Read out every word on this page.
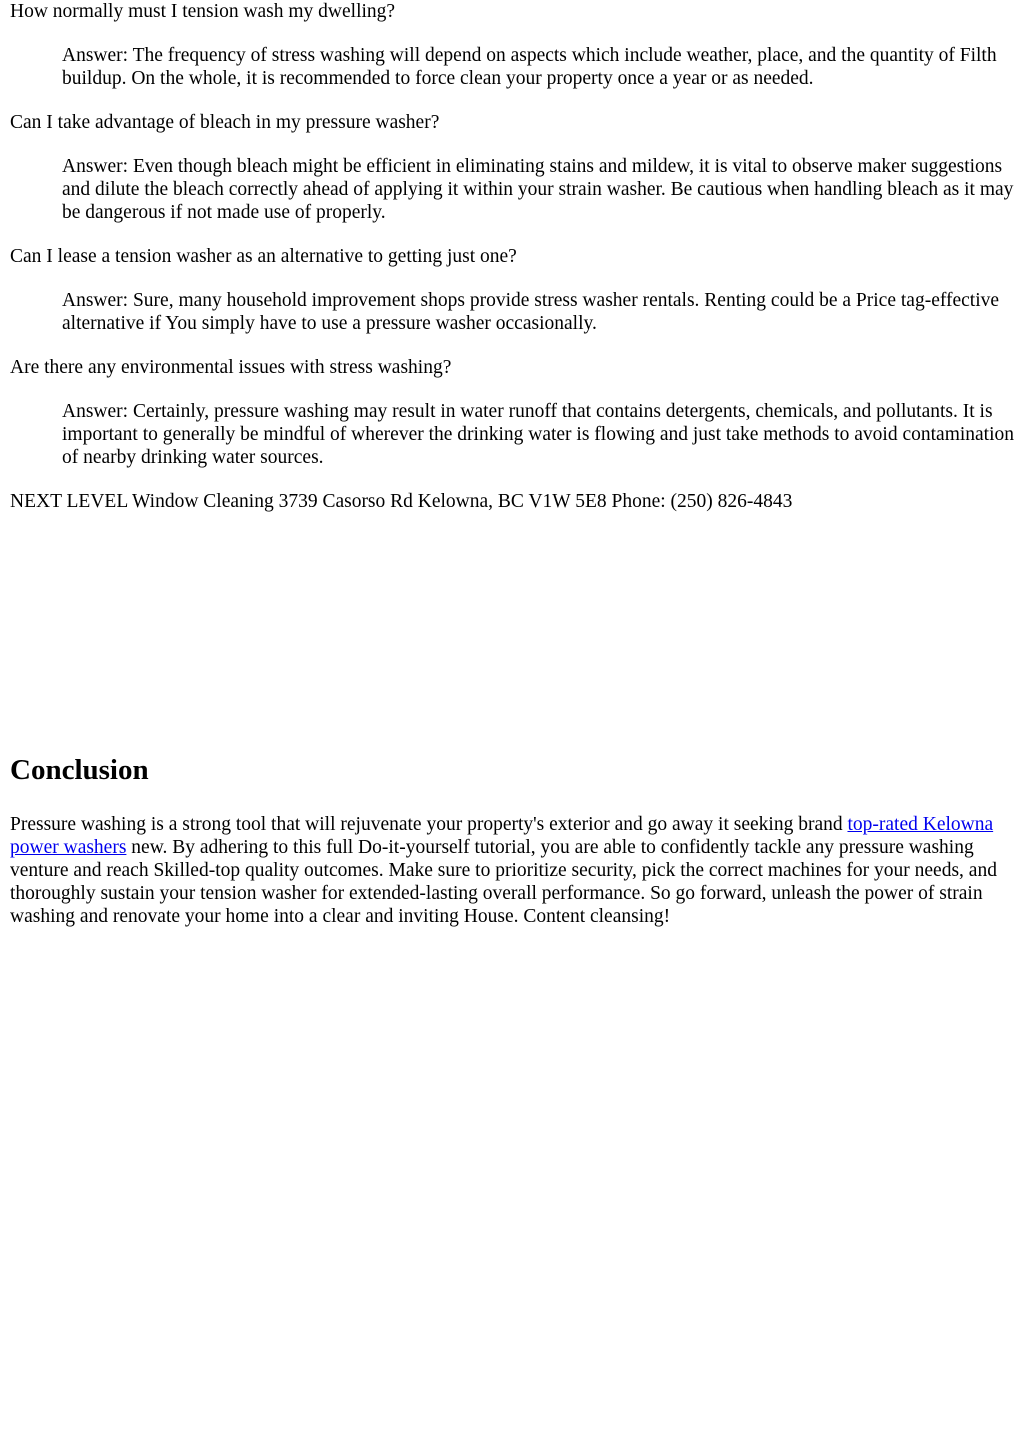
How normally must I tension wash my dwelling?

Answer: The frequency of stress washing will depend on aspects which include weather, place, and the quantity of Filth buildup. On the whole, it is recommended to force clean your property once a year or as needed.

Can I take advantage of bleach in my pressure washer?

Answer: Even though bleach might be efficient in eliminating stains and mildew, it is vital to observe maker suggestions and dilute the bleach correctly ahead of applying it within your strain washer. Be cautious when handling bleach as it may be dangerous if not made use of properly.

Can I lease a tension washer as an alternative to getting just one?

Answer: Sure, many household improvement shops provide stress washer rentals. Renting could be a Price tag-effective alternative if You simply have to use a pressure washer occasionally.

Are there any environmental issues with stress washing?

Answer: Certainly, pressure washing may result in water runoff that contains detergents, chemicals, and pollutants. It is important to generally be mindful of wherever the drinking water is flowing and just take methods to avoid contamination of nearby drinking water sources.

NEXT LEVEL Window Cleaning 3739 Casorso Rd Kelowna, BC V1W 5E8 Phone: (250) 826-4843

Conclusion

Pressure washing is a strong tool that will rejuvenate your property's exterior and go away it seeking brand top-rated Kelowna power washers new. By adhering to this full Do-it-yourself tutorial, you are able to confidently tackle any pressure washing venture and reach Skilled-top quality outcomes. Make sure to prioritize security, pick the correct machines for your needs, and thoroughly sustain your tension washer for extended-lasting overall performance. So go forward, unleash the power of strain washing and renovate your home into a clear and inviting House. Content cleansing!
